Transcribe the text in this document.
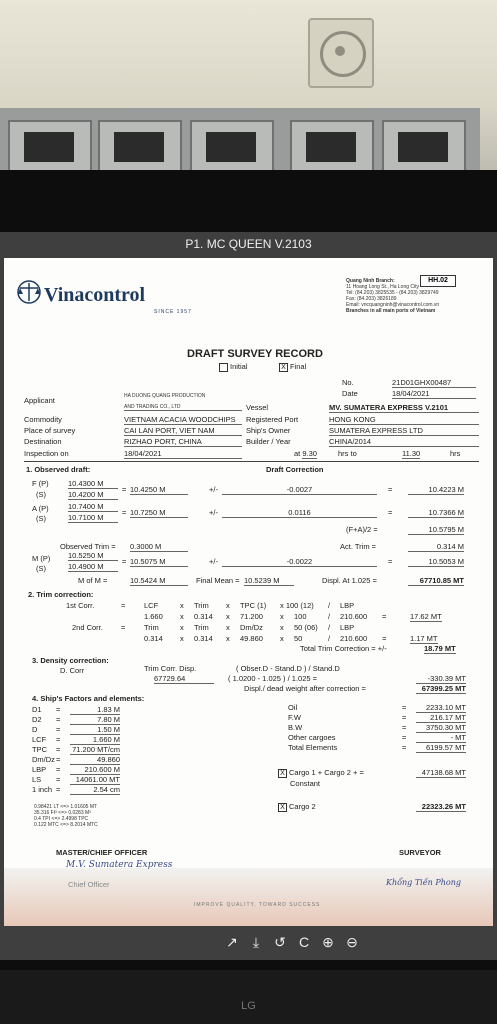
P1. MC QUEEN V.2103
Vinacontrol
SINCE 1957
Quang Ninh Branch:
11 Hoang Long St., Ha Long City
Tel: (84.203) 3825535 - (84.203) 3829749
Fax: (84.203) 3826189
Email: vncquangninh@vinacontrol.com.vn
Branches in all main ports of Vietnam
DRAFT SURVEY RECORD
Initial	X Final
No.	21D01GHX00487
Date	18/04/2021
Applicant	HA DUONG QUANG PRODUCTION
AND TRADING CO., LTD	Vessel	MV. SUMATERA EXPRESS V.2101
Commodity	VIETNAM ACACIA WOODCHIPS	Registered Port	HONG KONG
Place of survey	CAI LAN PORT, VIET NAM	Ship's Owner	SUMATERA EXPRESS LTD
Destination	RIZHAO PORT, CHINA	Builder / Year	CHINA/2014
Inspection on	18/04/2021	at 9.30	hrs to	11.30	hrs
1. Observed draft:	Draft Correction
F (P)	10.4300 M
(S)	10.4200 M
= 10.4250 M	+/-	-0.0027	=	10.4223 M
A (P)	10.7400 M
(S)	10.7100 M
= 10.7250 M	+/-	0.0116	=	10.7366 M
(F+A)/2 =	10.5795 M
Observed Trim = 0.3000 M	Act. Trim =	0.314 M
M (P) 10.5250 M
(S)	10.4900 M
= 10.5075 M	+/-	-0.0022	=	10.5053 M
M of M =	10.5424 M	Final Mean = 10.5239 M	Displ. At 1.025 =	67710.85 MT
2. Trim correction:
1st Corr.	= LCF	x Trim x TPC (1) x 100 (12) / LBP
1.660 x 0.314 x 71.200 x 100	/ 210.600 =	17.62 MT
2nd Corr. = Trim	x Trim x Dm/Dz x 50 (06) / LBP
0.314 x 0.314 x 49.860 x 50	/ 210.600 =	1.17 MT
Total Trim Correction = +/-	18.79 MT
3. Density correction:
D. Corr	Trim Corr. Disp.
67729.64
( Obser.D - Stand.D ) / Stand.D
( 1.0200 - 1.025 ) / 1.025 =	-330.39 MT
Displ./ dead weight after correction =	67399.25 MT
4. Ship's Factors and elements:
D1 =	1.83 M
D2 =	7.80 M
D =	1.50 M
LCF =	1.660 M
TPC = 71.200 MT/cm
Dm/Dz =	49.860
LBP =	210.600 M
LS =	14061.00 MT
1 inch =	2.54 cm
Oil	=	2233.10 MT
F.W	=	216.17 MT
B.W	=	3750.30 MT
Other cargoes	=	- MT
Total Elements	=	6199.57 MT
X Cargo 1 + Cargo 2 + =	47138.68 MT
Constant
0.98421 LT <=> 1.01605 MT
35.316 Ft³ <=> 0.0283 M³
0.4 TPI <=> 2.4998 TPC
0.122 MTC <=> 8.2014 MTC
X Cargo 2	22323.26 MT
MASTER/CHIEF OFFICER
M.V. Sumatera Express
Chief Officer
SURVEYOR
Khổng Tiến Phong
IMPROVE QUALITY, TOWARD SUCCESS
HH.02
↗ ⤓ ↺ C ⊕ ⊖
LG
